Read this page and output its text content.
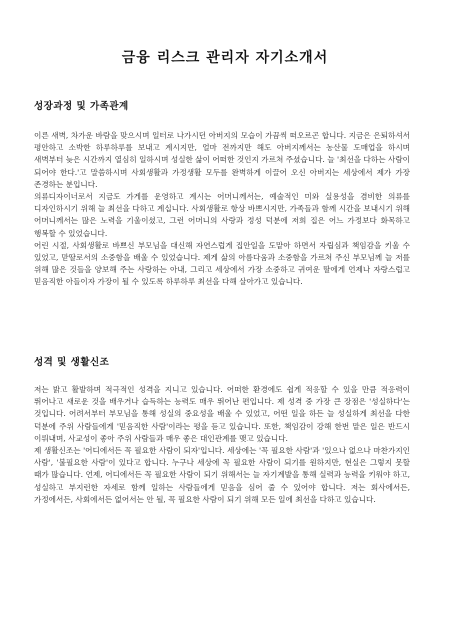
금융 리스크 관리자 자기소개서
성장과정 및 가족관계

이른 새벽, 차가운 바람을 맞으시며 일터로 나가시던 아버지의 모습이 가끔씩 떠오르곤 합니다. 지금은 은퇴하셔서 평안하고 소박한 하루하루를 보내고 계시지만, 얼마 전까지만 해도 아버지께서는 농산물 도매업을 하시며 새벽부터 늦은 시간까지 열심히 일하시며 성실한 삶이 어떠한 것인지 가르쳐 주셨습니다. 늘 '최선을 다하는 사람이 되어야 한다.'고 말씀하시며 사회생활과 가정생활 모두를 완벽하게 이끌어 오신 아버지는 세상에서 제가 가장 존경하는 분입니다.

의류디자이너로서 지금도 가게를 운영하고 계시는 어머니께서는, 예술적인 미와 실용성을 겸비한 의류를 디자인하시기 위해 늘 최선을 다하고 계십니다. 사회생활로 항상 바쁘시지만, 가족들과 함께 시간을 보내시기 위해 어머니께서는 많은 노력을 기울이셨고, 그런 어머니의 사랑과 정성 덕분에 저희 집은 어느 가정보다 화목하고 행복할 수 있었습니다.

어린 시절, 사회생활로 바쁘신 부모님을 대신해 자연스럽게 집안일을 도맡아 하면서 자립심과 책임감을 키울 수 있었고, 맏딸로서의 소중함을 배울 수 있었습니다. 제게 삶의 아름다움과 소중함을 가르쳐 주신 부모님께 늘 저를 위해 많은 것들을 양보해 주는 사랑하는 아내, 그리고 세상에서 가장 소중하고 귀여운 딸에게 언제나 자랑스럽고 믿음직한 아들이자 가장이 될 수 있도록 하루하루 최선을 다해 살아가고 있습니다.

성격 및 생활신조

저는 밝고 활발하며 적극적인 성격을 지니고 있습니다. 어떠한 환경에도 쉽게 적응할 수 있을 만큼 적응력이 뛰어나고 새로운 것을 배우거나 습득하는 능력도 매우 뛰어난 편입니다. 제 성격 중 가장 큰 장점은 '성실하다'는 것입니다. 어려서부터 부모님을 통해 성실의 중요성을 배울 수 있었고, 어떤 일을 하든 늘 성실하게 최선을 다한 덕분에 주위 사람들에게 '믿음직한 사람'이라는 평을 듣고 있습니다. 또한, 책임감이 강해 한번 맡은 일은 반드시 이뤄내며, 사교성이 좋아 주위 사람들과 매우 좋은 대인관계를 맺고 있습니다.

제 생활신조는 '어디에서든 꼭 필요한 사람이 되자'입니다. 세상에는 '꼭 필요한 사람'과 '있으나 없으나 마찬가지인 사람', '불필요한 사람'이 있다고 합니다. 누구나 세상에 꼭 필요한 사람이 되기를 원하지만, 현실은 그렇지 못할 때가 많습니다. 언제, 어디에서든 꼭 필요한 사람이 되기 위해서는 늘 자기계발을 통해 실력과 능력을 키워야 하고, 성실하고 부지런한 자세로 함께 일하는 사람들에게 믿음을 심어 줄 수 있어야 합니다. 저는 회사에서든, 가정에서든, 사회에서든 없어서는 안 될, 꼭 필요한 사람이 되기 위해 모든 일에 최선을 다하고 있습니다.
